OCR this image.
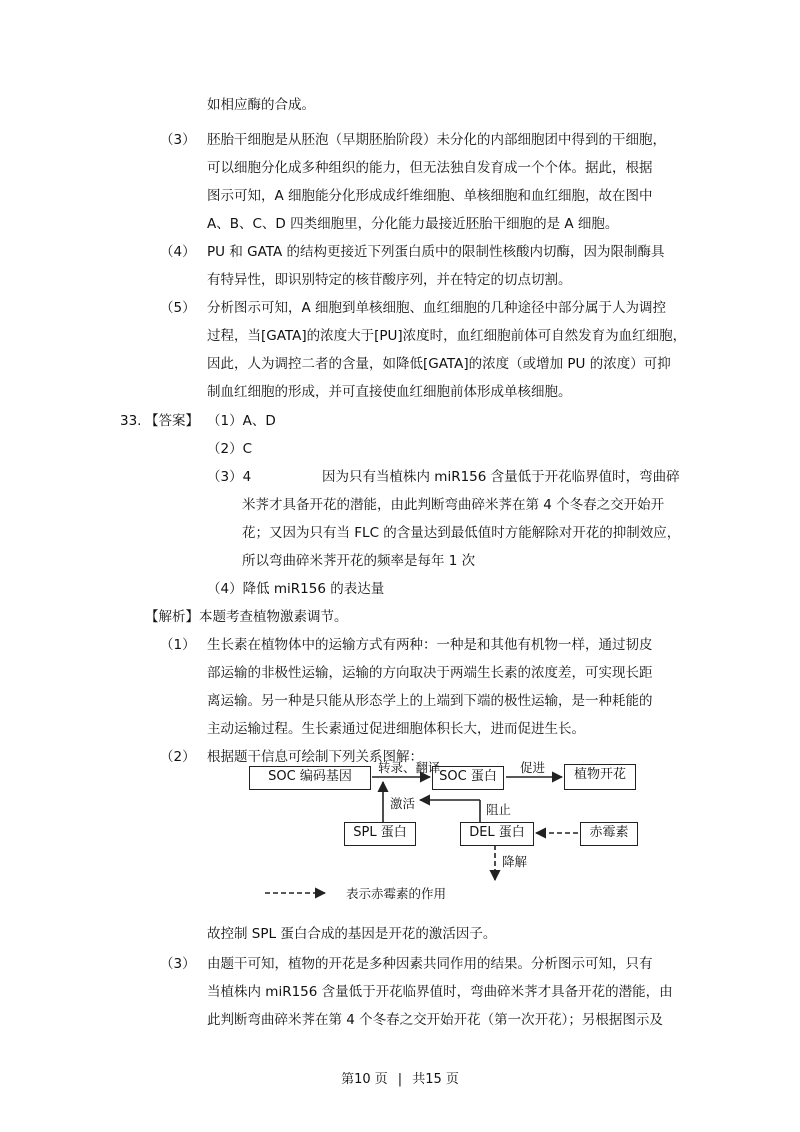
如相应酶的合成。
（3） 胚胎干细胞是从胚泡（早期胚胎阶段）未分化的内部细胞团中得到的干细胞，
可以细胞分化成多种组织的能力，但无法独自发育成一个个体。据此，根据
图示可知，A 细胞能分化形成成纤维细胞、单核细胞和血红细胞，故在图中
A、B、C、D 四类细胞里，分化能力最接近胚胎干细胞的是 A 细胞。
（4） PU 和 GATA 的结构更接近下列蛋白质中的限制性核酸内切酶，因为限制酶具
有特异性，即识别特定的核苷酸序列，并在特定的切点切割。
（5） 分析图示可知，A 细胞到单核细胞、血红细胞的几种途径中部分属于人为调控
过程，当[GATA]的浓度大于[PU]浓度时，血红细胞前体可自然发育为血红细胞，
因此，人为调控二者的含量，如降低[GATA]的浓度（或增加 PU 的浓度）可抑
制血红细胞的形成，并可直接使血红细胞前体形成单核细胞。
33. 【答案】 （1）A、D
（2）C
（3）4	因为只有当植株内 miR156 含量低于开花临界值时，弯曲碎
米荠才具备开花的潜能，由此判断弯曲碎米荠在第 4 个冬春之交开始开
花；又因为只有当 FLC 的含量达到最低值时方能解除对开花的抑制效应，
所以弯曲碎米荠开花的频率是每年 1 次
（4）降低 miR156 的表达量
【解析】本题考查植物激素调节。
（1） 生长素在植物体中的运输方式有两种：一种是和其他有机物一样，通过韧皮
部运输的非极性运输，运输的方向取决于两端生长素的浓度差，可实现长距
离运输。另一种是只能从形态学上的上端到下端的极性运输，是一种耗能的
主动运输过程。生长素通过促进细胞体积长大，进而促进生长。
（2） 根据题干信息可绘制下列关系图解：
SOC 编码基因	SOC 蛋白	植物开花
SPL 蛋白	DEL 蛋白	赤霉素
转录、翻译	促进
激活	阻止
降解
表示赤霉素的作用
故控制 SPL 蛋白合成的基因是开花的激活因子。
（3） 由题干可知，植物的开花是多种因素共同作用的结果。分析图示可知，只有
当植株内 miR156 含量低于开花临界值时，弯曲碎米荠才具备开花的潜能，由
此判断弯曲碎米荠在第 4 个冬春之交开始开花（第一次开花）；另根据图示及
第10 页 | 共15 页
